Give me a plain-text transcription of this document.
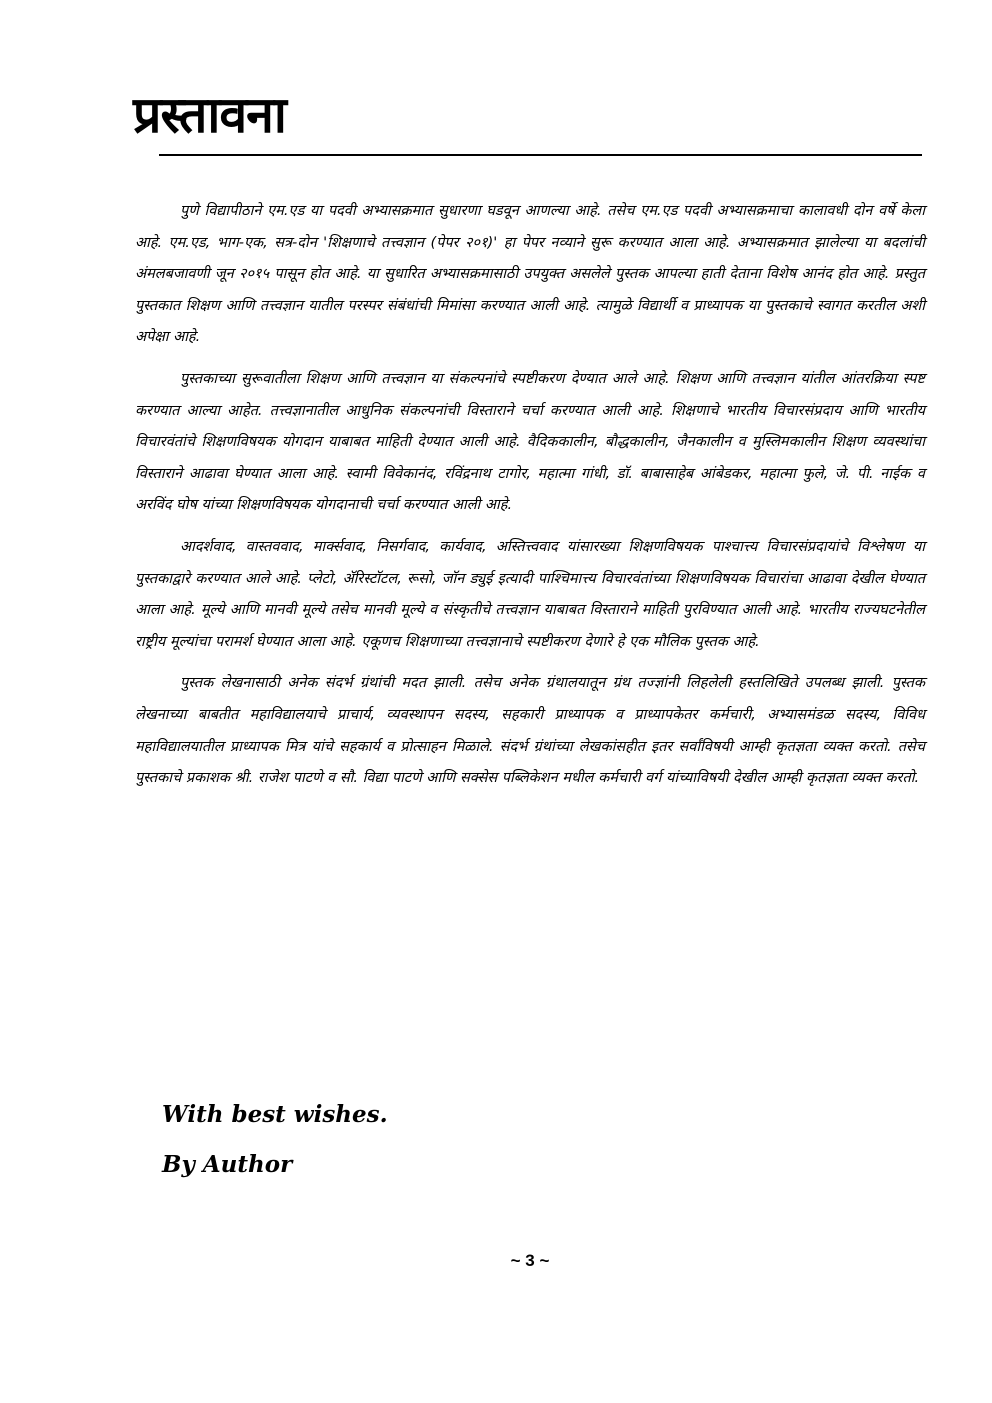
प्रस्तावना

पुणे विद्यापीठाने एम.एड या पदवी अभ्यासक्रमात सुधारणा घडवून आणल्या आहे. तसेच एम.एड पदवी अभ्यासक्रमाचा कालावधी दोन वर्षे केला आहे. एम.एड, भाग-एक, सत्र-दोन 'शिक्षणाचे तत्त्वज्ञान (पेपर २०१)' हा पेपर नव्याने सुरू करण्यात आला आहे. अभ्यासक्रमात झालेल्या या बदलांची अंमलबजावणी जून २०१५ पासून होत आहे. या सुधारित अभ्यासक्रमासाठी उपयुक्त असलेले पुस्तक आपल्या हाती देताना विशेष आनंद होत आहे. प्रस्तुत पुस्तकात शिक्षण आणि तत्त्वज्ञान यातील परस्पर संबंधांची मिमांसा करण्यात आली आहे. त्यामुळे विद्यार्थी व प्राध्यापक या पुस्तकाचे स्वागत करतील अशी अपेक्षा आहे.

पुस्तकाच्या सुरूवातीला शिक्षण आणि तत्त्वज्ञान या संकल्पनांचे स्पष्टीकरण देण्यात आले आहे. शिक्षण आणि तत्त्वज्ञान यांतील आंतरक्रिया स्पष्ट करण्यात आल्या आहेत. तत्त्वज्ञानातील आधुनिक संकल्पनांची विस्ताराने चर्चा करण्यात आली आहे. शिक्षणाचे भारतीय विचारसंप्रदाय आणि भारतीय विचारवंतांचे शिक्षणविषयक योगदान याबाबत माहिती देण्यात आली आहे. वैदिककालीन, बौद्धकालीन, जैनकालीन व मुस्लिमकालीन शिक्षण व्यवस्थांचा विस्ताराने आढावा घेण्यात आला आहे. स्वामी विवेकानंद, रविंद्रनाथ टागोर, महात्मा गांधी, डॉ. बाबासाहेब आंबेडकर, महात्मा फुले, जे. पी. नाईक व अरविंद घोष यांच्या शिक्षणविषयक योगदानाची चर्चा करण्यात आली आहे.

आदर्शवाद, वास्तववाद, मार्क्सवाद, निसर्गवाद, कार्यवाद, अस्तित्त्ववाद यांसारख्या शिक्षणविषयक पाश्चात्त्य विचारसंप्रदायांचे विश्लेषण या पुस्तकाद्वारे करण्यात आले आहे. प्लेटो, ॲरिस्टॉटल, रूसो, जॉन ड्युई इत्यादी पाश्चिमात्त्य विचारवंतांच्या शिक्षणविषयक विचारांचा आढावा देखील घेण्यात आला आहे. मूल्ये आणि मानवी मूल्ये तसेच मानवी मूल्ये व संस्कृतीचे तत्त्वज्ञान याबाबत विस्ताराने माहिती पुरविण्यात आली आहे. भारतीय राज्यघटनेतील राष्ट्रीय मूल्यांचा परामर्श घेण्यात आला आहे. एकूणच शिक्षणाच्या तत्त्वज्ञानाचे स्पष्टीकरण देणारे हे एक मौलिक पुस्तक आहे.

पुस्तक लेखनासाठी अनेक संदर्भ ग्रंथांची मदत झाली. तसेच अनेक ग्रंथालयातून ग्रंथ तज्ज्ञांनी लिहलेली हस्तलिखिते उपलब्ध झाली. पुस्तक लेखनाच्या बाबतीत महाविद्यालयाचे प्राचार्य, व्यवस्थापन सदस्य, सहकारी प्राध्यापक व प्राध्यापकेतर कर्मचारी, अभ्यासमंडळ सदस्य, विविध महाविद्यालयातील प्राध्यापक मित्र यांचे सहकार्य व प्रोत्साहन मिळाले. संदर्भ ग्रंथांच्या लेखकांसहीत इतर सर्वांविषयी आम्ही कृतज्ञता व्यक्त करतो. तसेच पुस्तकाचे प्रकाशक श्री. राजेश पाटणे व सौ. विद्या पाटणे आणि सक्सेस पब्लिकेशन मधील कर्मचारी वर्ग यांच्याविषयी देखील आम्ही कृतज्ञता व्यक्त करतो.

With best wishes.

By Author

~ 3 ~
